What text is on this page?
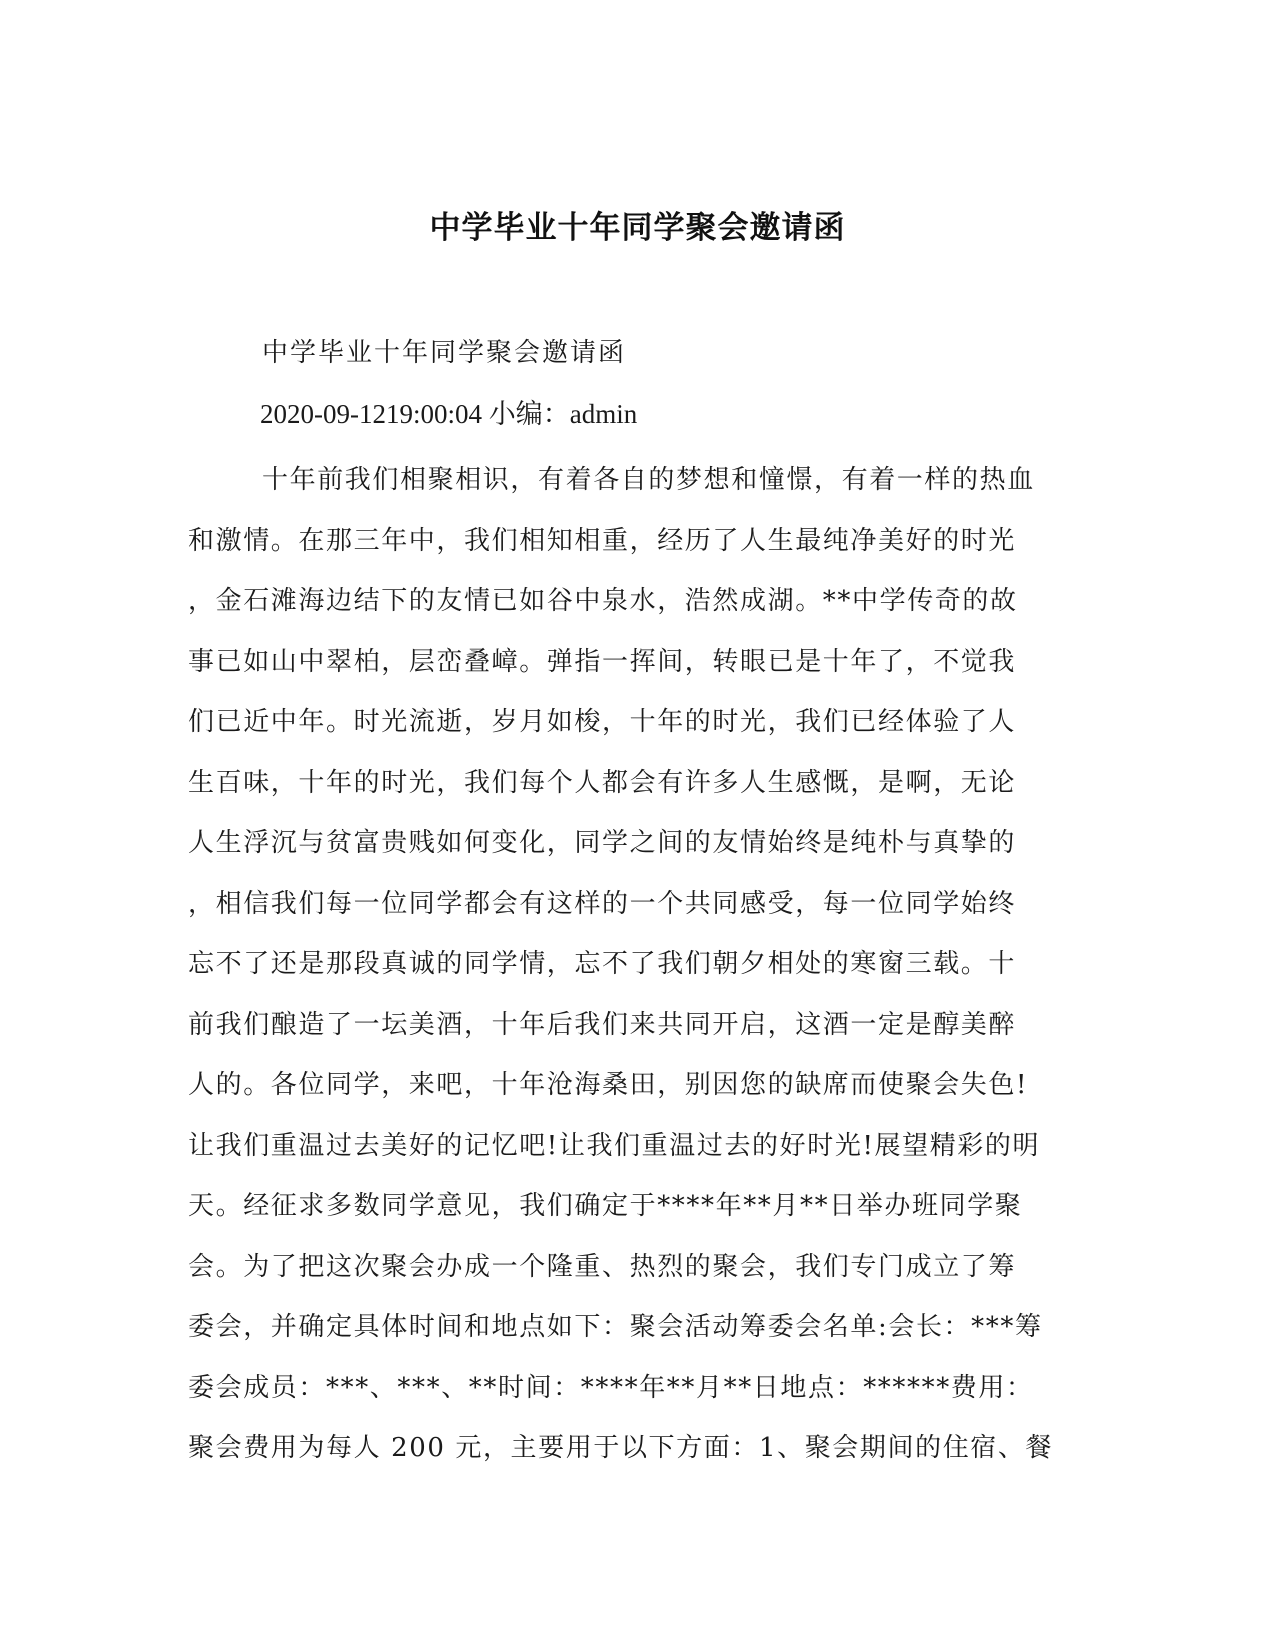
中学毕业十年同学聚会邀请函

中学毕业十年同学聚会邀请函

2020-09-1219:00:04 小编：admin

十年前我们相聚相识，有着各自的梦想和憧憬，有着一样的热血
和激情。在那三年中，我们相知相重，经历了人生最纯净美好的时光
，金石滩海边结下的友情已如谷中泉水，浩然成湖。**中学传奇的故
事已如山中翠柏，层峦叠嶂。弹指一挥间，转眼已是十年了，不觉我
们已近中年。时光流逝，岁月如梭，十年的时光，我们已经体验了人
生百味，十年的时光，我们每个人都会有许多人生感慨，是啊，无论
人生浮沉与贫富贵贱如何变化，同学之间的友情始终是纯朴与真挚的
，相信我们每一位同学都会有这样的一个共同感受，每一位同学始终
忘不了还是那段真诚的同学情，忘不了我们朝夕相处的寒窗三载。十
前我们酿造了一坛美酒，十年后我们来共同开启，这酒一定是醇美醉
人的。各位同学，来吧，十年沧海桑田，别因您的缺席而使聚会失色!
让我们重温过去美好的记忆吧!让我们重温过去的好时光!展望精彩的明
天。经征求多数同学意见，我们确定于****年**月**日举办班同学聚
会。为了把这次聚会办成一个隆重、热烈的聚会，我们专门成立了筹
委会，并确定具体时间和地点如下：聚会活动筹委会名单:会长：***筹
委会成员：***、***、**时间：****年**月**日地点：******费用：
聚会费用为每人 200 元，主要用于以下方面：1、聚会期间的住宿、餐
